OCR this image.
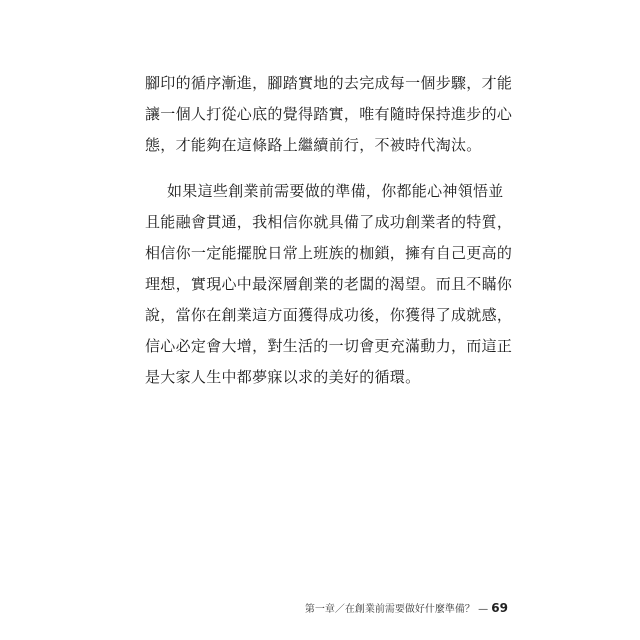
腳印的循序漸進，腳踏實地的去完成每一個步驟，才能

讓一個人打從心底的覺得踏實，唯有隨時保持進步的心

態，才能夠在這條路上繼續前行，不被時代淘汰。

如果這些創業前需要做的準備，你都能心神領悟並

且能融會貫通，我相信你就具備了成功創業者的特質，

相信你一定能擺脫日常上班族的枷鎖，擁有自己更高的

理想，實現心中最深層創業的老闆的渴望。而且不瞞你

說，當你在創業這方面獲得成功後，你獲得了成就感，

信心必定會大增，對生活的一切會更充滿動力，而這正

是大家人生中都夢寐以求的美好的循環。

第一章／在創業前需要做好什麼準備？ — 69
